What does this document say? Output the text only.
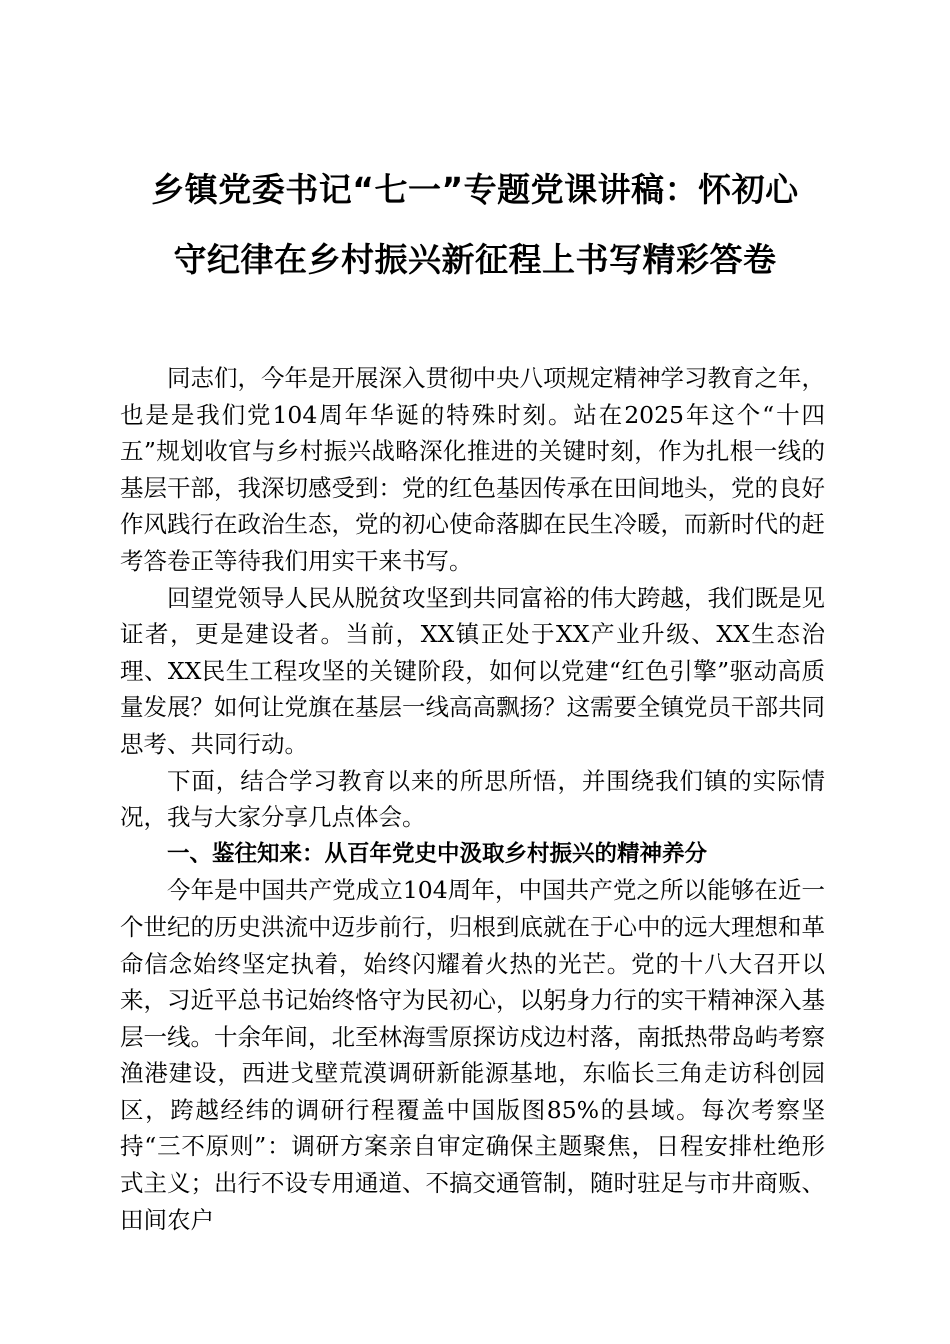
乡镇党委书记“七一”专题党课讲稿：怀初心
守纪律在乡村振兴新征程上书写精彩答卷

同志们，今年是开展深入贯彻中央八项规定精神学习教育之年，也是是我们党104周年华诞的特殊时刻。站在2025年这个“十四五”规划收官与乡村振兴战略深化推进的关键时刻，作为扎根一线的基层干部，我深切感受到：党的红色基因传承在田间地头，党的良好作风践行在政治生态，党的初心使命落脚在民生冷暖，而新时代的赶考答卷正等待我们用实干来书写。

回望党领导人民从脱贫攻坚到共同富裕的伟大跨越，我们既是见证者，更是建设者。当前，XX镇正处于XX产业升级、XX生态治理、XX民生工程攻坚的关键阶段，如何以党建“红色引擎”驱动高质量发展？如何让党旗在基层一线高高飘扬？这需要全镇党员干部共同思考、共同行动。

下面，结合学习教育以来的所思所悟，并围绕我们镇的实际情况，我与大家分享几点体会。

一、鉴往知来：从百年党史中汲取乡村振兴的精神养分

今年是中国共产党成立104周年，中国共产党之所以能够在近一个世纪的历史洪流中迈步前行，归根到底就在于心中的远大理想和革命信念始终坚定执着，始终闪耀着火热的光芒。党的十八大召开以来，习近平总书记始终恪守为民初心，以躬身力行的实干精神深入基层一线。十余年间，北至林海雪原探访戍边村落，南抵热带岛屿考察渔港建设，西进戈壁荒漠调研新能源基地，东临长三角走访科创园区，跨越经纬的调研行程覆盖中国版图85%的县域。每次考察坚持“三不原则”：调研方案亲自审定确保主题聚焦，日程安排杜绝形式主义；出行不设专用通道、不搞交通管制，随时驻足与市井商贩、田间农户
